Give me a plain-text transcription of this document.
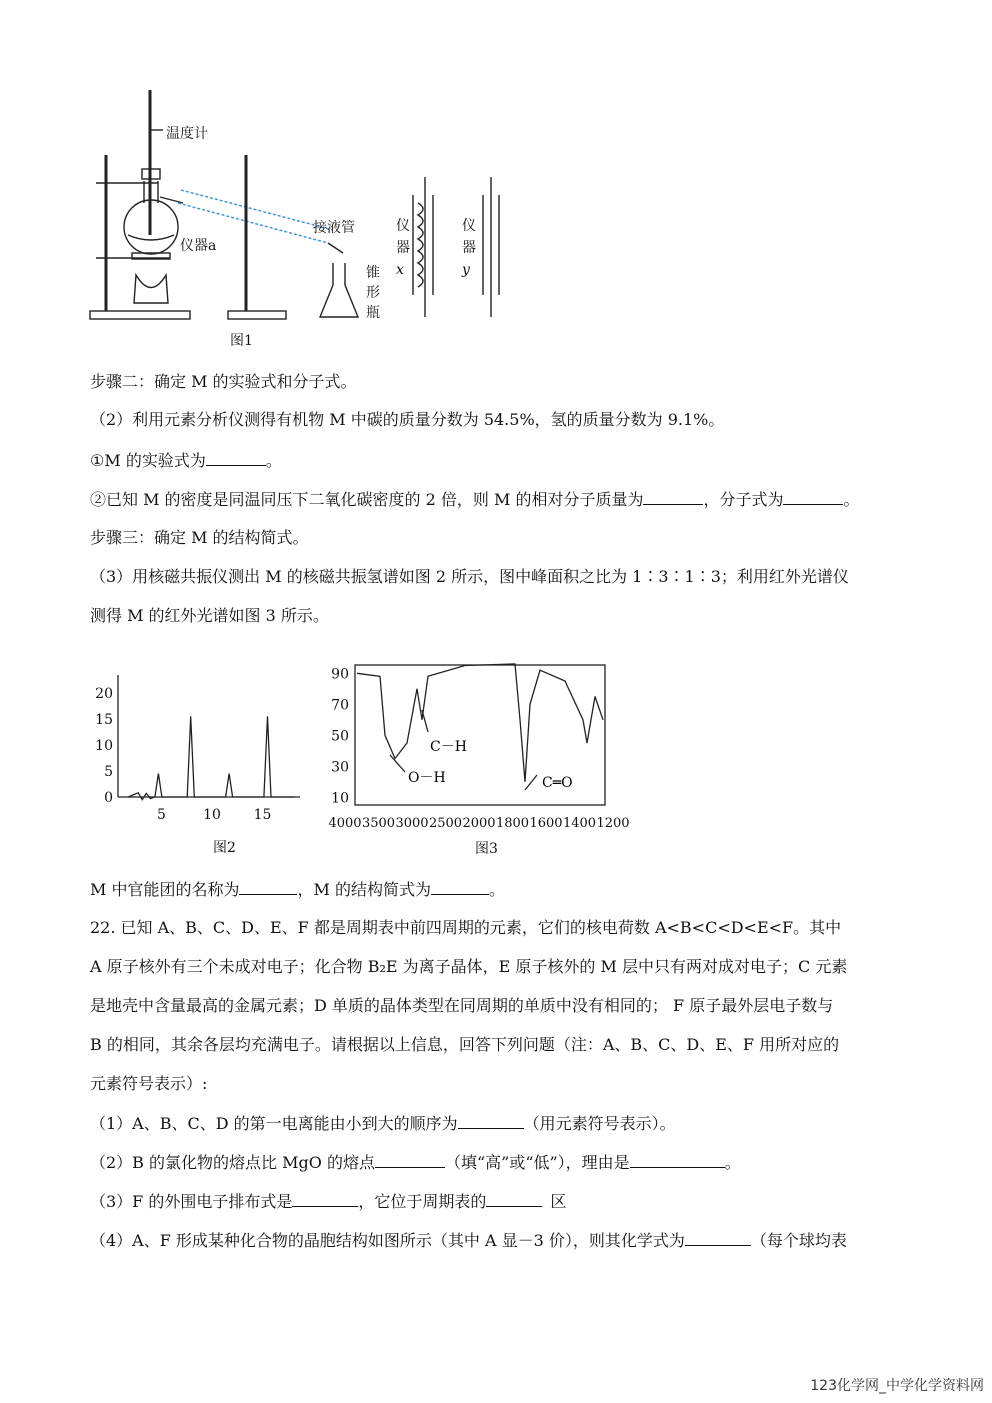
温度计
仪器a
接液管
锥
形
瓶
仪
器
x
仪
器
y
图1
步骤二：确定 M 的实验式和分子式。
（2）利用元素分析仪测得有机物 M 中碳的质量分数为 54.5%，氢的质量分数为 9.1%。
①M 的实验式为	。
②已知 M 的密度是同温同压下二氧化碳密度的 2 倍，则 M 的相对分子质量为	，分子式为	。
步骤三：确定 M 的结构简式。
（3）用核磁共振仪测出 M 的核磁共振氢谱如图 2 所示，图中峰面积之比为 1∶3∶1∶3；利用红外光谱仪
测得 M 的红外光谱如图 3 所示。
20
15
10
5
0
5	10 15
图2
90
70
50
30
10
4000 3500 3000 2500 2000 1800 1600 1400 1200
O－H
C－H
C═O
图3
M 中官能团的名称为	，M 的结构简式为	。
22. 已知 A、B、C、D、E、F 都是周期表中前四周期的元素，它们的核电荷数 A<B<C<D<E<F。其中
A 原子核外有三个未成对电子；化合物 B₂E 为离子晶体，E 原子核外的 M 层中只有两对成对电子；C 元素
是地壳中含量最高的金属元素；D 单质的晶体类型在同周期的单质中没有相同的； F 原子最外层电子数与
B 的相同，其余各层均充满电子。请根据以上信息，回答下列问题（注：A、B、C、D、E、F 用所对应的
元素符号表示）:
（1）A、B、C、D 的第一电离能由小到大的顺序为	（用元素符号表示）。
（2）B 的氯化物的熔点比 MgO 的熔点	（填“高”或“低”），理由是	。
（3）F 的外围电子排布式是	，它位于周期表的	区
（4）A、F 形成某种化合物的晶胞结构如图所示（其中 A 显－3 价），则其化学式为	（每个球均表
123化学网_中学化学资料网
